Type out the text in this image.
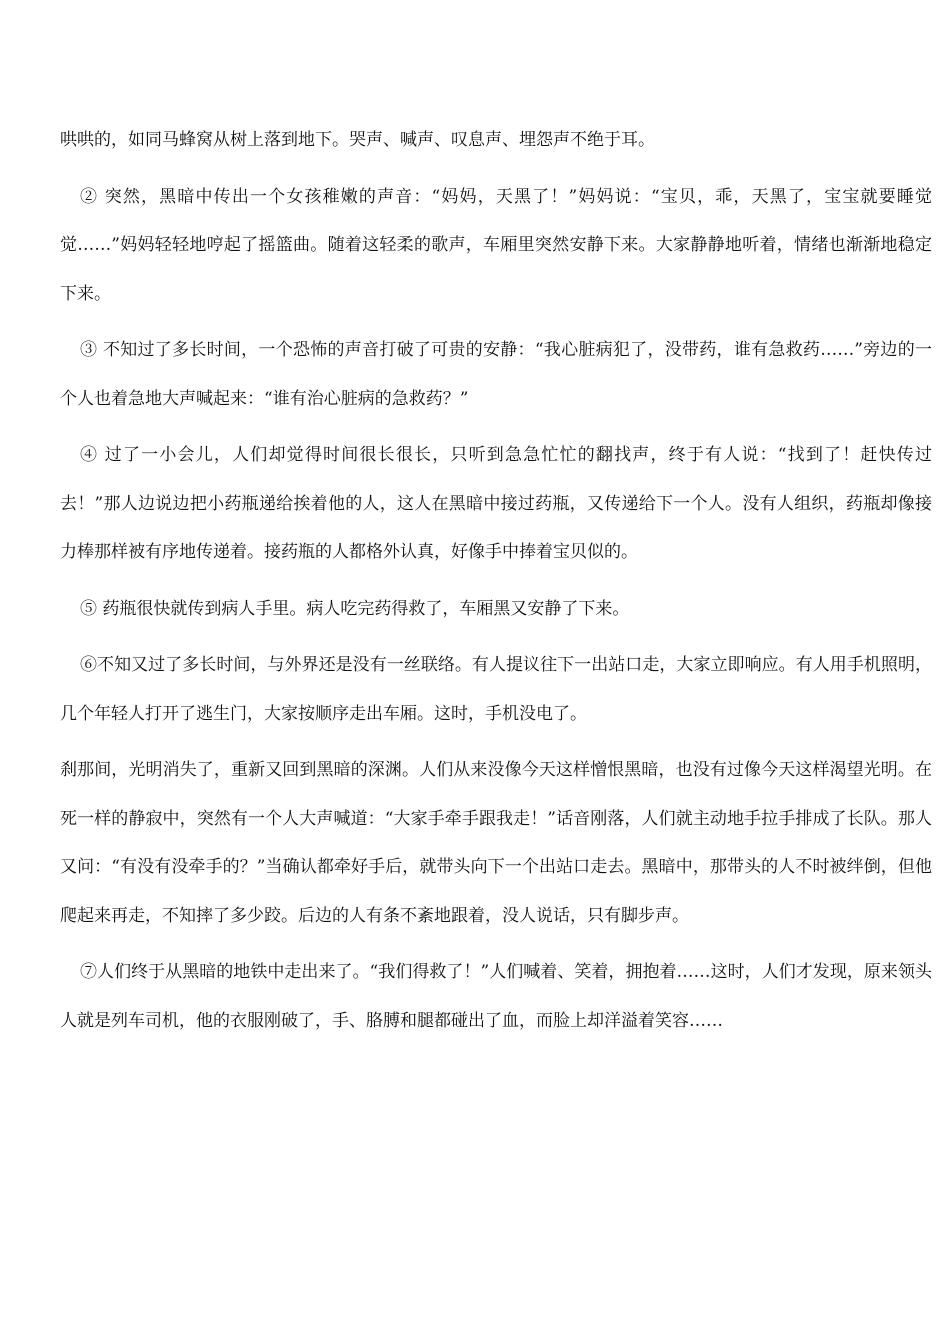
哄哄的，如同马蜂窝从树上落到地下。哭声、喊声、叹息声、埋怨声不绝于耳。

② 突然，黑暗中传出一个女孩稚嫩的声音：“妈妈，天黑了！”妈妈说：“宝贝，乖，天黑了，宝宝就要睡觉觉……”妈妈轻轻地哼起了摇篮曲。随着这轻柔的歌声，车厢里突然安静下来。大家静静地听着，情绪也渐渐地稳定下来。

③ 不知过了多长时间，一个恐怖的声音打破了可贵的安静：“我心脏病犯了，没带药，谁有急救药……”旁边的一个人也着急地大声喊起来：“谁有治心脏病的急救药？”

④ 过了一小会儿，人们却觉得时间很长很长，只听到急急忙忙的翻找声，终于有人说：“找到了！赶快传过去！”那人边说边把小药瓶递给挨着他的人，这人在黑暗中接过药瓶，又传递给下一个人。没有人组织，药瓶却像接力棒那样被有序地传递着。接药瓶的人都格外认真，好像手中捧着宝贝似的。

⑤ 药瓶很快就传到病人手里。病人吃完药得救了，车厢黑又安静了下来。

⑥不知又过了多长时间，与外界还是没有一丝联络。有人提议往下一出站口走，大家立即响应。有人用手机照明，几个年轻人打开了逃生门，大家按顺序走出车厢。这时，手机没电了。

刹那间，光明消失了，重新又回到黑暗的深渊。人们从来没像今天这样憎恨黑暗，也没有过像今天这样渴望光明。在死一样的静寂中，突然有一个人大声喊道：“大家手牵手跟我走！”话音刚落，人们就主动地手拉手排成了长队。那人又问：“有没有没牵手的？”当确认都牵好手后，就带头向下一个出站口走去。黑暗中，那带头的人不时被绊倒，但他爬起来再走，不知摔了多少跤。后边的人有条不紊地跟着，没人说话，只有脚步声。

⑦人们终于从黑暗的地铁中走出来了。“我们得救了！”人们喊着、笑着，拥抱着……这时，人们才发现，原来领头人就是列车司机，他的衣服刚破了，手、胳膊和腿都碰出了血，而脸上却洋溢着笑容……
